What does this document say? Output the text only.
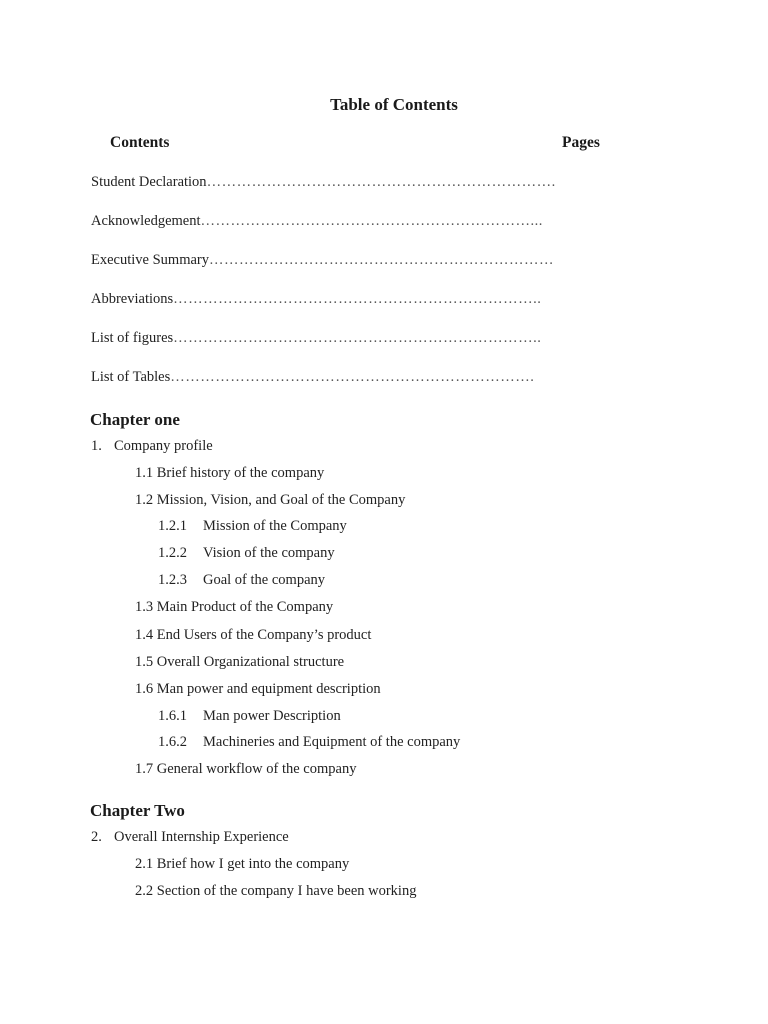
Table of Contents
Contents	Pages
Student Declaration…………………………………………………………….
Acknowledgement…………………………………………………………...
Executive Summary……………………………………………………………
Abbreviations………………………………………………………………..
List of figures………………………………………………………………..
List of Tables……………………………………………………………….
Chapter one
1. Company profile
1.1 Brief history of the company
1.2 Mission, Vision, and Goal of the Company
1.2.1 Mission of the Company
1.2.2 Vision of the company
1.2.3 Goal of the company
1.3 Main Product of the Company
1.4 End Users of the Company’s product
1.5 Overall Organizational structure
1.6 Man power and equipment description
1.6.1 Man power Description
1.6.2 Machineries and Equipment of the company
1.7 General workflow of the company
Chapter Two
2. Overall Internship Experience
2.1 Brief how I get into the company
2.2 Section of the company I have been working
